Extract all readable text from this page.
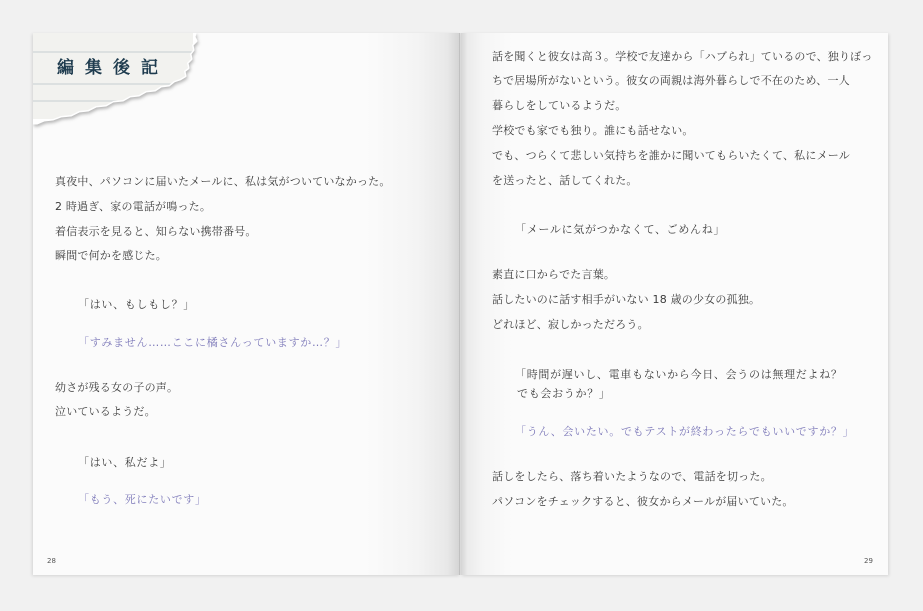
編集後記
真夜中、パソコンに届いたメールに、私は気がついていなかった。
2 時過ぎ、家の電話が鳴った。
着信表示を見ると、知らない携帯番号。
瞬間で何かを感じた。
「はい、もしもし？」
「すみません……ここに橘さんっていますか…？」
幼さが残る女の子の声。
泣いているようだ。
「はい、私だよ」
「もう、死にたいです」
28
話を聞くと彼女は高３。学校で友達から「ハブられ」ているので、独りぼっ
ちで居場所がないという。彼女の両親は海外暮らしで不在のため、一人
暮らしをしているようだ。
学校でも家でも独り。誰にも話せない。
でも、つらくて悲しい気持ちを誰かに聞いてもらいたくて、私にメール
を送ったと、話してくれた。
「メールに気がつかなくて、ごめんね」
素直に口からでた言葉。
話したいのに話す相手がいない 18 歳の少女の孤独。
どれほど、寂しかっただろう。
「時間が遅いし、電車もないから今日、会うのは無理だよね？
でも会おうか？」
「うん、会いたい。でもテストが終わったらでもいいですか？」
話しをしたら、落ち着いたようなので、電話を切った。
パソコンをチェックすると、彼女からメールが届いていた。
29
